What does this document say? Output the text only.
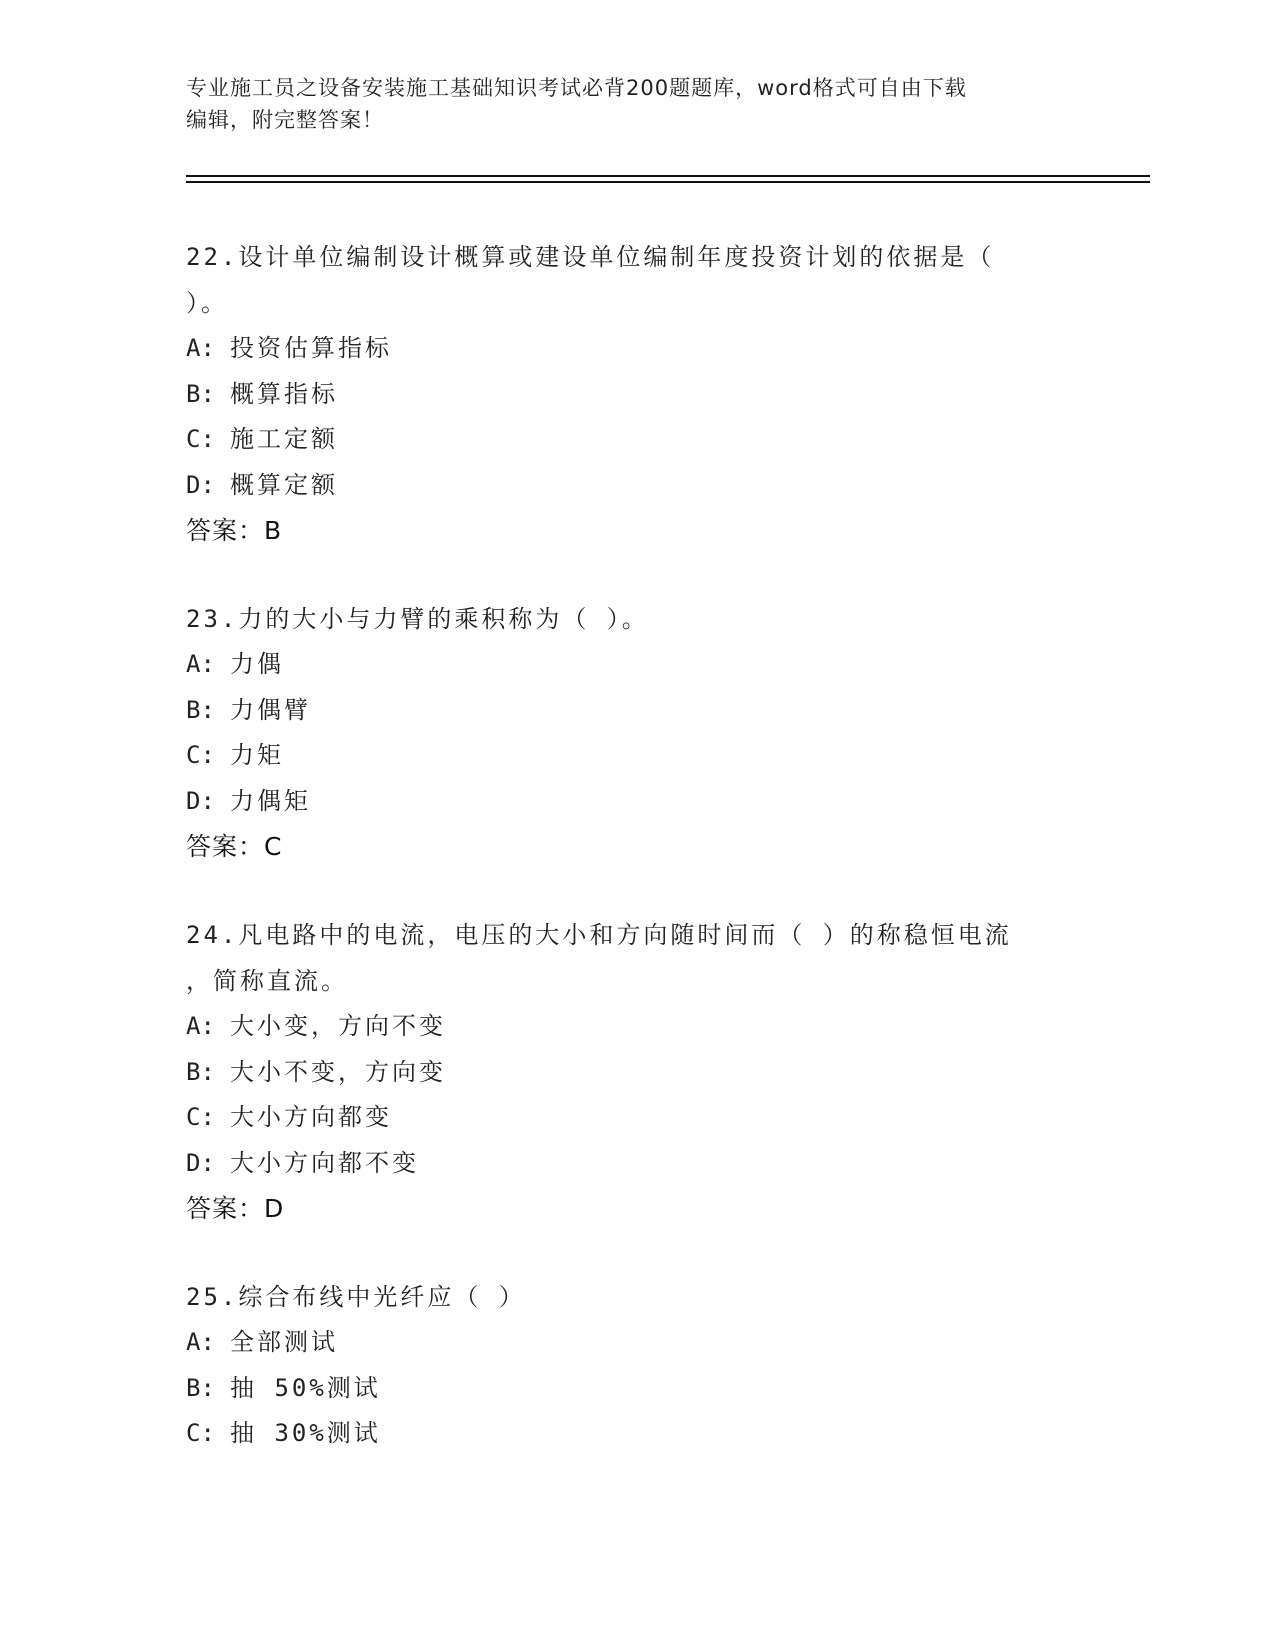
专业施工员之设备安装施工基础知识考试必背200题题库，word格式可自由下载
编辑，附完整答案！

22.设计单位编制设计概算或建设单位编制年度投资计划的依据是（

）。

A: 投资估算指标

B: 概算指标

C: 施工定额

D: 概算定额

答案：B

23.力的大小与力臂的乘积称为（ ）。

A: 力偶

B: 力偶臂

C: 力矩

D: 力偶矩

答案：C

24.凡电路中的电流，电压的大小和方向随时间而（ ）的称稳恒电流

，简称直流。

A: 大小变，方向不变

B: 大小不变，方向变

C: 大小方向都变

D: 大小方向都不变

答案：D

25.综合布线中光纤应（ ）

A: 全部测试

B: 抽 50%测试

C: 抽 30%测试
